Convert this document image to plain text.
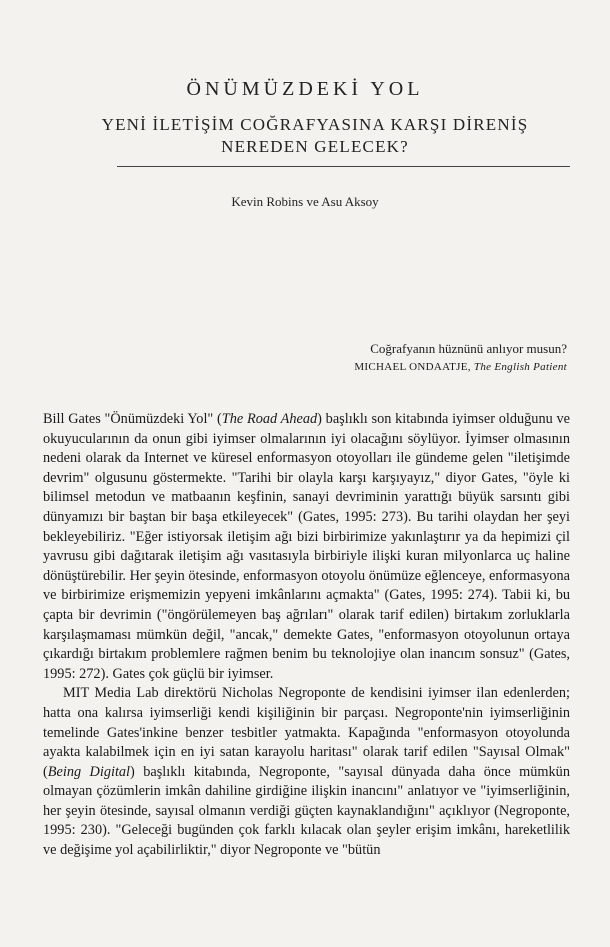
ÖNÜMÜZDEKİ YOL
YENİ İLETİŞİM COĞRAFYASINA KARŞI DİRENİŞ
NEREDEN GELECEK?
Kevin Robins ve Asu Aksoy
Coğrafyanın hüznünü anlıyor musun?
MICHAEL ONDAATJE, The English Patient

Bill Gates "Önümüzdeki Yol" (The Road Ahead) başlıklı son kitabında iyimser olduğunu ve okuyucularının da onun gibi iyimser olmalarının iyi olacağını söylüyor. İyimser olmasının nedeni olarak da Internet ve küresel enformasyon otoyolları ile gündeme gelen "iletişimde devrim" olgusunu göstermekte. "Tarihi bir olayla karşı karşıyayız," diyor Gates, "öyle ki bilimsel metodun ve matbaanın keşfinin, sanayi devriminin yarattığı büyük sarsıntı gibi dünyamızı bir baştan bir başa etkileyecek" (Gates, 1995: 273). Bu tarihi olaydan her şeyi bekleyebiliriz. "Eğer istiyorsak iletişim ağı bizi birbirimize yakınlaştırır ya da hepimizi çil yavrusu gibi dağıtarak iletişim ağı vasıtasıyla birbiriyle ilişki kuran milyonlarca uç haline dönüştürebilir. Her şeyin ötesinde, enformasyon otoyolu önümüze eğlenceye, enformasyona ve birbirimize erişmemizin yepyeni imkânlarını açmakta" (Gates, 1995: 274). Tabii ki, bu çapta bir devrimin ("öngörülemeyen baş ağrıları" olarak tarif edilen) birtakım zorluklarla karşılaşmaması mümkün değil, "ancak," demekte Gates, "enformasyon otoyolunun ortaya çıkardığı birtakım problemlere rağmen benim bu teknolojiye olan inancım sonsuz" (Gates, 1995: 272). Gates çok güçlü bir iyimser.

MIT Media Lab direktörü Nicholas Negroponte de kendisini iyimser ilan edenlerden; hatta ona kalırsa iyimserliği kendi kişiliğinin bir parçası. Negroponte'nin iyimserliğinin temelinde Gates'inkine benzer tesbitler yatmakta. Kapağında "enformasyon otoyolunda ayakta kalabilmek için en iyi satan karayolu haritası" olarak tarif edilen "Sayısal Olmak" (Being Digital) başlıklı kitabında, Negroponte, "sayısal dünyada daha önce mümkün olmayan çözümlerin imkân dahiline girdiğine ilişkin inancını" anlatıyor ve "iyimserliğinin, her şeyin ötesinde, sayısal olmanın verdiği güçten kaynaklandığını" açıklıyor (Negroponte, 1995: 230). "Geleceği bugünden çok farklı kılacak olan şeyler erişim imkânı, hareketlilik ve değişime yol açabilirliktir," diyor Negroponte ve "bütün
